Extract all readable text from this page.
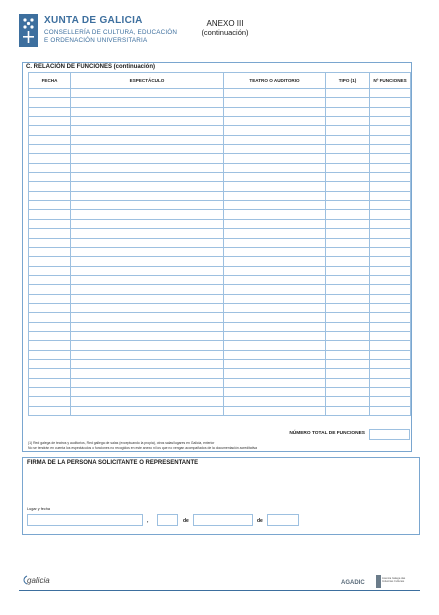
XUNTA DE GALICIA
CONSELLERÍA DE CULTURA, EDUCACIÓN
E ORDENACIÓN UNIVERSITARIA
ANEXO III
(continuación)
C. RELACIÓN DE FUNCIONES (continuación)
FECHA	ESPECTÁCULO	TEATRO O AUDITORIO	TIPO (1)	Nº FUNCIONES

NÚMERO TOTAL DE FUNCIONES
(1) Red galega de teatros y auditorios, Red gallega de salas (exceptuando la propia), otros salas/lugares en Galicia, exterior
No se tendrán en cuenta los espectáculos o funciones no recogidos en este anexo ni los que no vengan acompañados de la documentación acreditativa
FIRMA DE LA PERSONA SOLICITANTE O REPRESENTANTE
Lugar y fecha
,	de	de
galicia	AGADIC
Axencia Galega das Industrias Culturais
